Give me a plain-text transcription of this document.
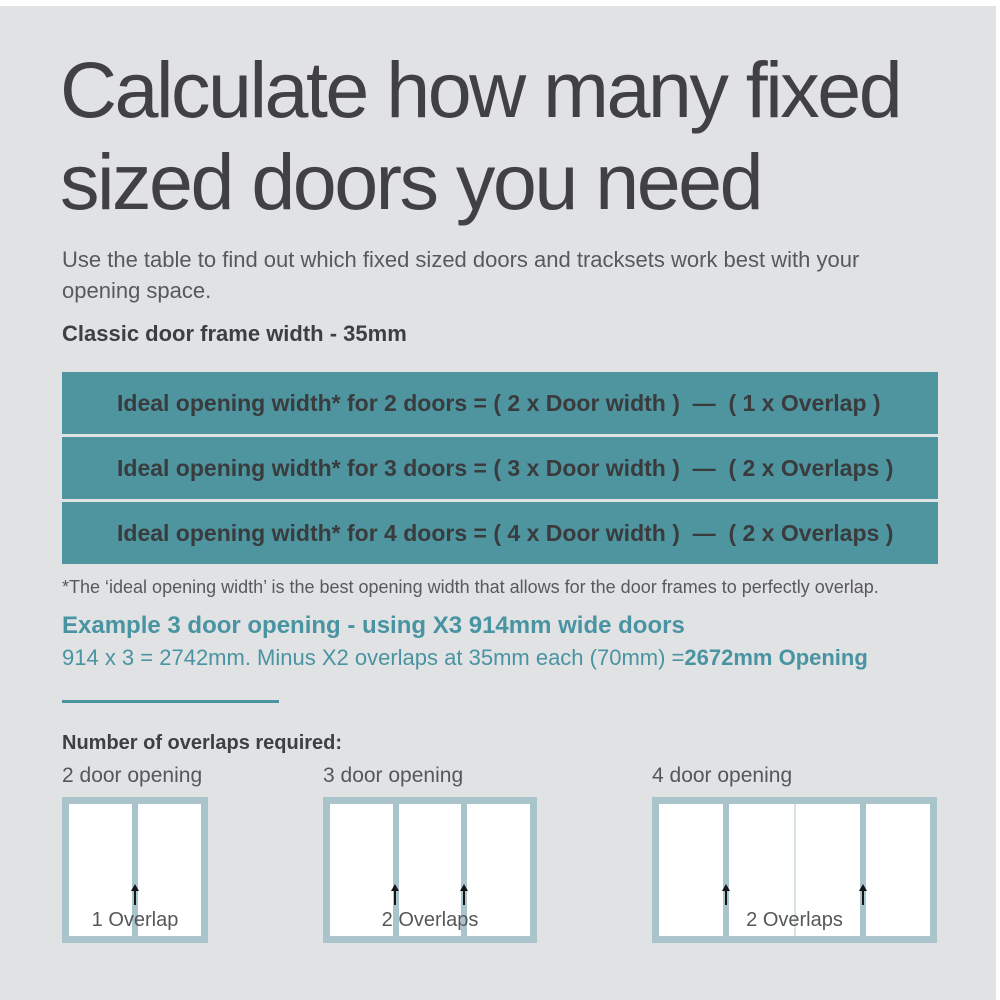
Calculate how many fixed
sized doors you need

Use the table to find out which fixed sized doors and tracksets work best with your opening space.

Classic door frame width - 35mm

Ideal opening width* for 2 doors = ( 2 x Door width )  —  ( 1 x Overlap )
Ideal opening width* for 3 doors = ( 3 x Door width )  —  ( 2 x Overlaps )
Ideal opening width* for 4 doors = ( 4 x Door width )  —  ( 2 x Overlaps )

*The ‘ideal opening width’ is the best opening width that allows for the door frames to perfectly overlap.

Example 3 door opening - using X3 914mm wide doors

914 x 3 = 2742mm. Minus X2 overlaps at 35mm each (70mm) =2672mm Opening

Number of overlaps required:

2 door opening	3 door opening	4 door opening

1 Overlap	2 Overlaps	2 Overlaps
